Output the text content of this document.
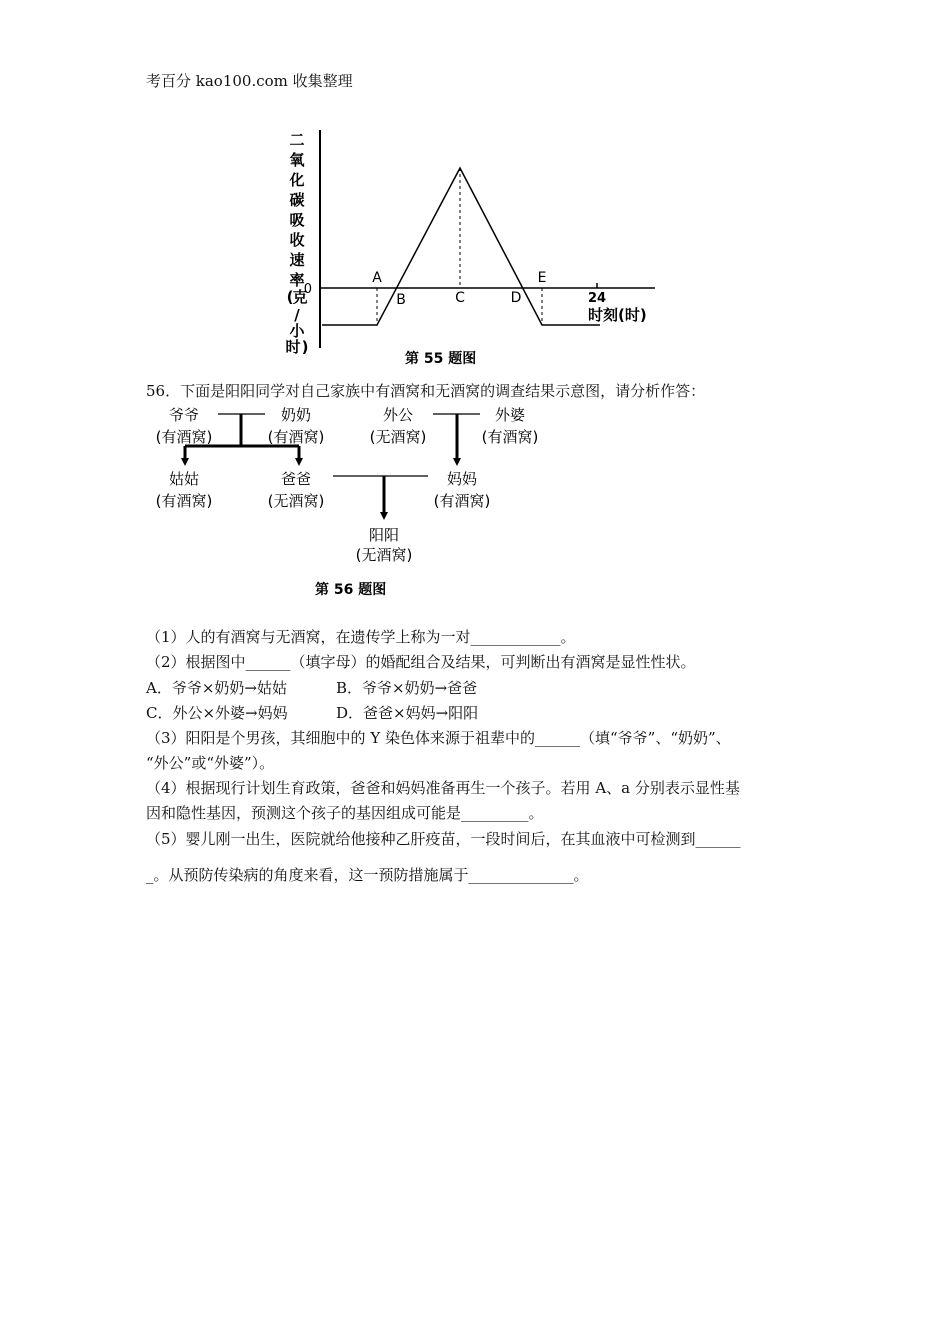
考百分 kao100.com 收集整理
二
氧
化
碳
吸
收
速
率
( 克
/
小
时 )
0
A
B	C	D
E
24
时刻(时)
第 55 题图
56．下面是阳阳同学对自己家族中有酒窝和无酒窝的调查结果示意图，请分析作答：
爷爷
(有酒窝)
奶奶
(有酒窝)
外公
(无酒窝)
外婆
(有酒窝)
姑姑
(有酒窝)
爸爸
(无酒窝)
妈妈
(有酒窝)
阳阳
(无酒窝)
第 56 题图
（1）人的有酒窝与无酒窝，在遗传学上称为一对____________。
（2）根据图中______（填字母）的婚配组合及结果，可判断出有酒窝是显性性状。
A．爷爷×奶奶→姑姑	B．爷爷×奶奶→爸爸
C．外公×外婆→妈妈	D．爸爸×妈妈→阳阳
（3）阳阳是个男孩，其细胞中的 Y 染色体来源于祖辈中的______（填“爷爷”、“奶奶”、
“外公”或“外婆”）。
（4）根据现行计划生育政策，爸爸和妈妈准备再生一个孩子。若用 A、a 分别表示显性基
因和隐性基因，预测这个孩子的基因组成可能是_________。
（5）婴儿刚一出生，医院就给他接种乙肝疫苗，一段时间后，在其血液中可检测到______
_。从预防传染病的角度来看，这一预防措施属于______________。
